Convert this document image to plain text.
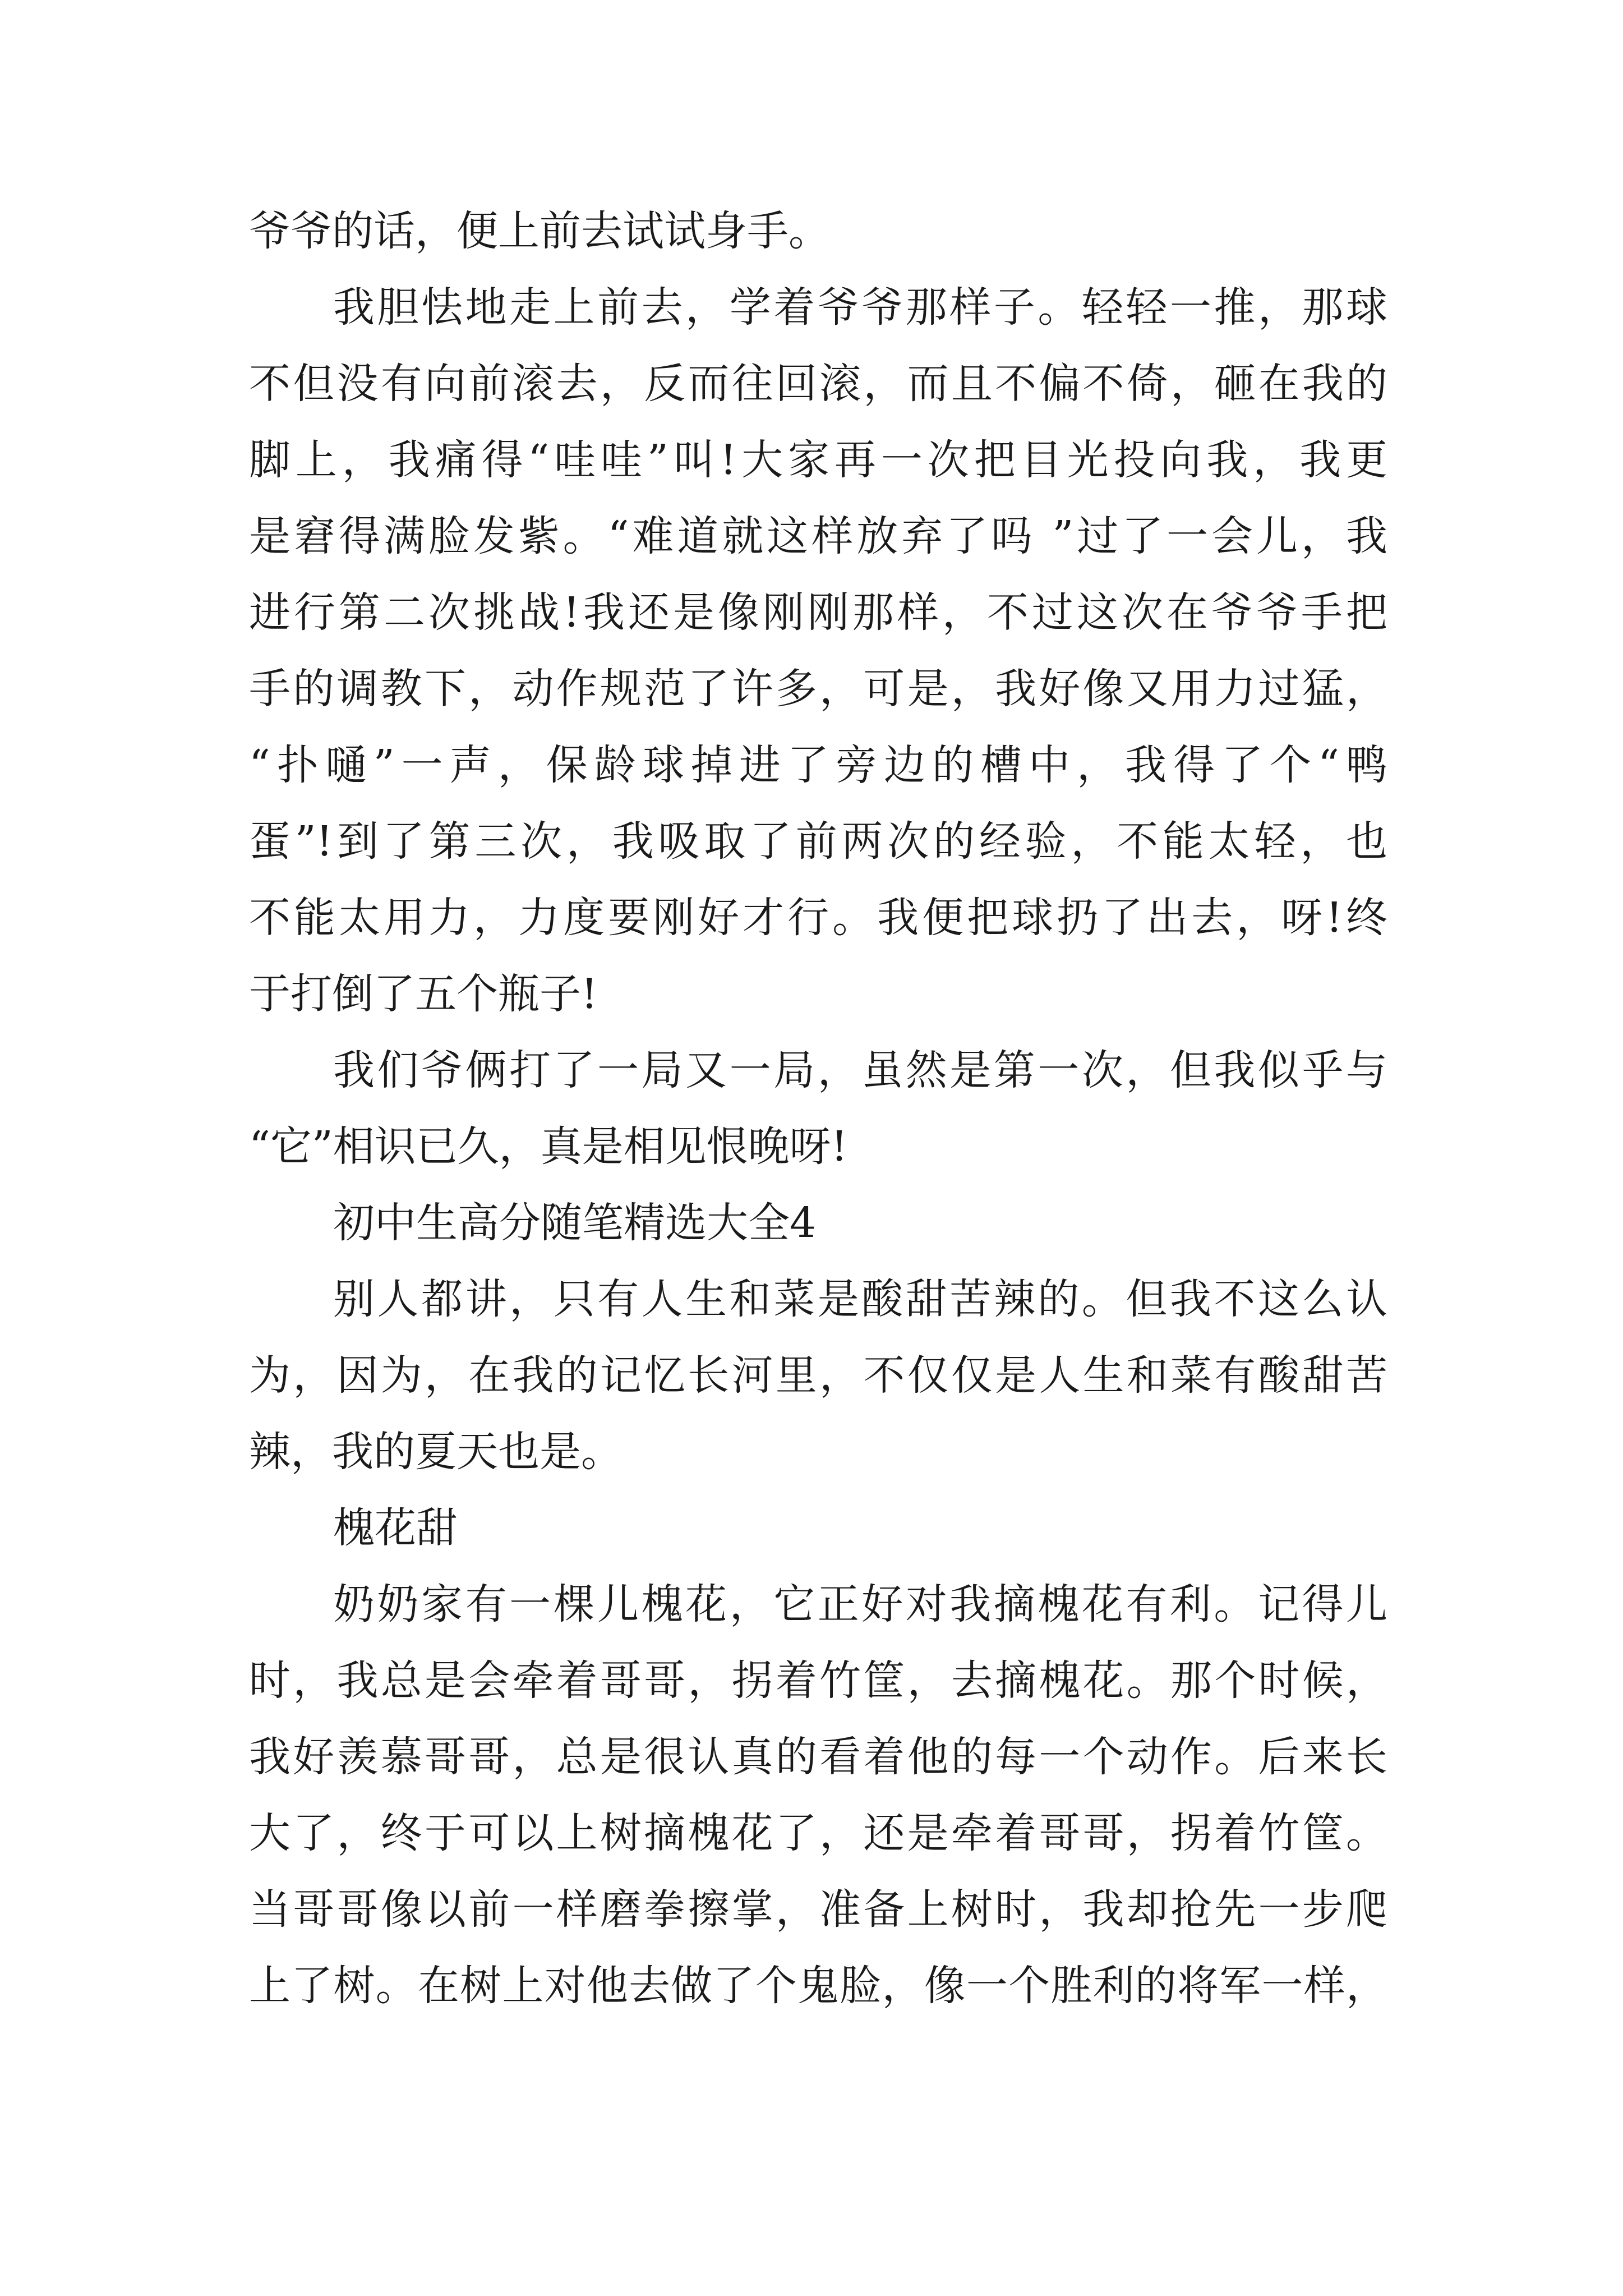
爷爷的话，便上前去试试身手。
我胆怯地走上前去，学着爷爷那样子。轻轻一推，那球
不但没有向前滚去，反而往回滚，而且不偏不倚，砸在我的
脚上，我痛得“哇哇”叫!大家再一次把目光投向我，我更
是窘得满脸发紫。“难道就这样放弃了吗 ”过了一会儿，我
进行第二次挑战!我还是像刚刚那样，不过这次在爷爷手把
手的调教下，动作规范了许多，可是，我好像又用力过猛，
“扑嗵”一声，保龄球掉进了旁边的槽中，我得了个“鸭
蛋”!到了第三次，我吸取了前两次的经验，不能太轻，也
不能太用力，力度要刚好才行。我便把球扔了出去，呀!终
于打倒了五个瓶子!
我们爷俩打了一局又一局，虽然是第一次，但我似乎与
“它”相识已久，真是相见恨晚呀!
初中生高分随笔精选大全4
别人都讲，只有人生和菜是酸甜苦辣的。但我不这么认
为，因为，在我的记忆长河里，不仅仅是人生和菜有酸甜苦
辣，我的夏天也是。
槐花甜
奶奶家有一棵儿槐花，它正好对我摘槐花有利。记得儿
时，我总是会牵着哥哥，拐着竹筐，去摘槐花。那个时候，
我好羡慕哥哥，总是很认真的看着他的每一个动作。后来长
大了，终于可以上树摘槐花了，还是牵着哥哥，拐着竹筐。
当哥哥像以前一样磨拳擦掌，准备上树时，我却抢先一步爬
上了树。在树上对他去做了个鬼脸，像一个胜利的将军一样，
